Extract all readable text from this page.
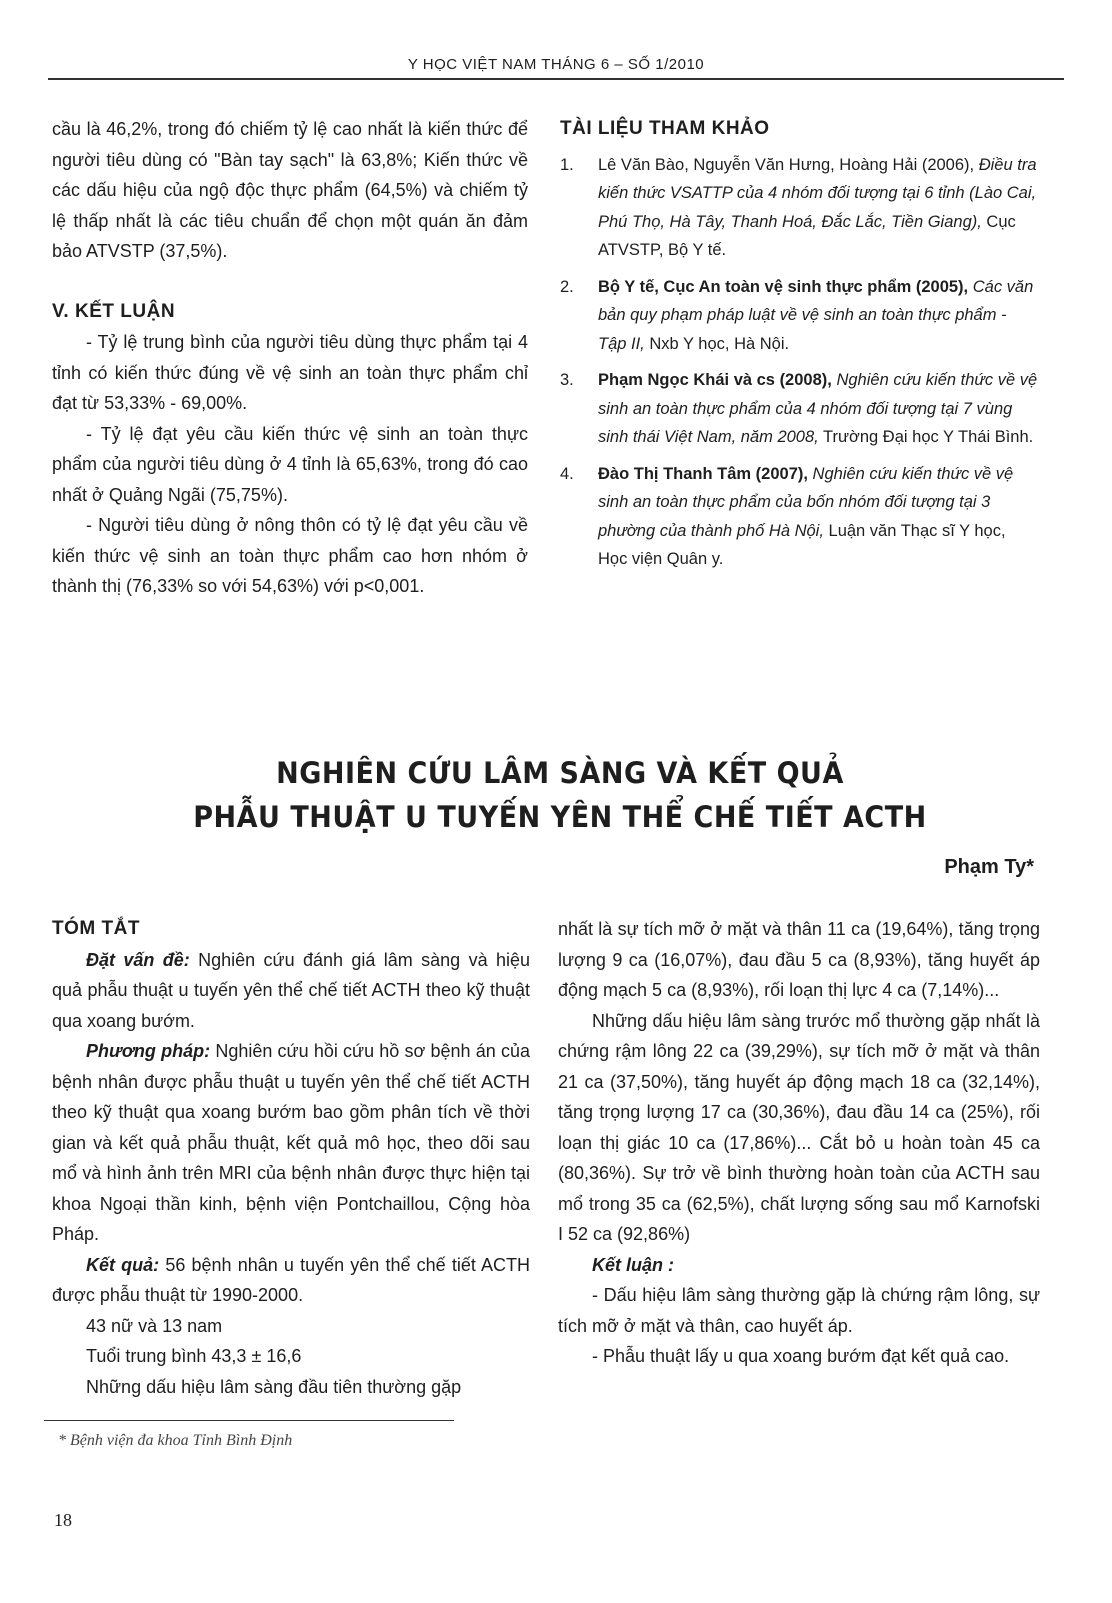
Y HỌC VIỆT NAM THÁNG 6 – SỐ 1/2010

cầu là 46,2%, trong đó chiếm tỷ lệ cao nhất là kiến thức để người tiêu dùng có "Bàn tay sạch" là 63,8%; Kiến thức về các dấu hiệu của ngộ độc thực phẩm (64,5%) và chiếm tỷ lệ thấp nhất là các tiêu chuẩn để chọn một quán ăn đảm bảo ATVSTP (37,5%).

V. KẾT LUẬN

- Tỷ lệ trung bình của người tiêu dùng thực phẩm tại 4 tỉnh có kiến thức đúng về vệ sinh an toàn thực phẩm chỉ đạt từ 53,33% - 69,00%.

- Tỷ lệ đạt yêu cầu kiến thức vệ sinh an toàn thực phẩm của người tiêu dùng ở 4 tỉnh là 65,63%, trong đó cao nhất ở Quảng Ngãi (75,75%).

- Người tiêu dùng ở nông thôn có tỷ lệ đạt yêu cầu về kiến thức vệ sinh an toàn thực phẩm cao hơn nhóm ở thành thị (76,33% so với 54,63%) với p<0,001.

TÀI LIỆU THAM KHẢO

1. Lê Văn Bào, Nguyễn Văn Hưng, Hoàng Hải (2006), Điều tra kiến thức VSATTP của 4 nhóm đối tượng tại 6 tỉnh (Lào Cai, Phú Thọ, Hà Tây, Thanh Hoá, Đắc Lắc, Tiền Giang), Cục ATVSTP, Bộ Y tế.
2. Bộ Y tế, Cục An toàn vệ sinh thực phẩm (2005), Các văn bản quy phạm pháp luật về vệ sinh an toàn thực phẩm - Tập II, Nxb Y học, Hà Nội.
3. Phạm Ngọc Khái và cs (2008), Nghiên cứu kiến thức về vệ sinh an toàn thực phẩm của 4 nhóm đối tượng tại 7 vùng sinh thái Việt Nam, năm 2008, Trường Đại học Y Thái Bình.
4. Đào Thị Thanh Tâm (2007), Nghiên cứu kiến thức về vệ sinh an toàn thực phẩm của bốn nhóm đối tượng tại 3 phường của thành phố Hà Nội, Luận văn Thạc sĩ Y học, Học viện Quân y.
NGHIÊN CỨU LÂM SÀNG VÀ KẾT QUẢ
PHẪU THUẬT U TUYẾN YÊN THỂ CHẾ TIẾT ACTH
Phạm Ty*

TÓM TẮT

Đặt vấn đề: Nghiên cứu đánh giá lâm sàng và hiệu quả phẫu thuật u tuyến yên thể chế tiết ACTH theo kỹ thuật qua xoang bướm.

Phương pháp: Nghiên cứu hồi cứu hồ sơ bệnh án của bệnh nhân được phẫu thuật u tuyến yên thể chế tiết ACTH theo kỹ thuật qua xoang bướm bao gồm phân tích về thời gian và kết quả phẫu thuật, kết quả mô học, theo dõi sau mổ và hình ảnh trên MRI của bệnh nhân được thực hiện tại khoa Ngoại thần kinh, bệnh viện Pontchaillou, Cộng hòa Pháp.

Kết quả: 56 bệnh nhân u tuyến yên thể chế tiết ACTH được phẫu thuật từ 1990-2000.

43 nữ và 13 nam

Tuổi trung bình 43,3 ± 16,6

Những dấu hiệu lâm sàng đầu tiên thường gặp

nhất là sự tích mỡ ở mặt và thân 11 ca (19,64%), tăng trọng lượng 9 ca (16,07%), đau đầu 5 ca (8,93%), tăng huyết áp động mạch 5 ca (8,93%), rối loạn thị lực 4 ca (7,14%)...

Những dấu hiệu lâm sàng trước mổ thường gặp nhất là chứng rậm lông 22 ca (39,29%), sự tích mỡ ở mặt và thân 21 ca (37,50%), tăng huyết áp động mạch 18 ca (32,14%), tăng trọng lượng 17 ca (30,36%), đau đầu 14 ca (25%), rối loạn thị giác 10 ca (17,86%)... Cắt bỏ u hoàn toàn 45 ca (80,36%). Sự trở về bình thường hoàn toàn của ACTH sau mổ trong 35 ca (62,5%), chất lượng sống sau mổ Karnofski I 52 ca (92,86%)

Kết luận :

- Dấu hiệu lâm sàng thường gặp là chứng rậm lông, sự tích mỡ ở mặt và thân, cao huyết áp.

- Phẫu thuật lấy u qua xoang bướm đạt kết quả cao.

* Bệnh viện đa khoa Tỉnh Bình Định
18
